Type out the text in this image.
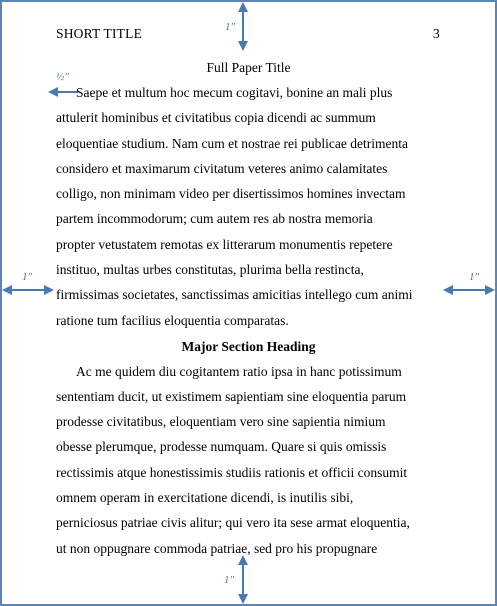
1″
1″
1″	1″
½″
SHORT TITLE	3
Full Paper Title
Saepe et multum hoc mecum cogitavi, bonine an mali plus
attulerit hominibus et civitatibus copia dicendi ac summum
eloquentiae studium. Nam cum et nostrae rei publicae detrimenta
considero et maximarum civitatum veteres animo calamitates
colligo, non minimam video per disertissimos homines invectam
partem incommodorum; cum autem res ab nostra memoria
propter vetustatem remotas ex litterarum monumentis repetere
instituo, multas urbes constitutas, plurima bella restincta,
firmissimas societates, sanctissimas amicitias intellego cum animi
ratione tum facilius eloquentia comparatas.
Major Section Heading
Ac me quidem diu cogitantem ratio ipsa in hanc potissimum
sententiam ducit, ut existimem sapientiam sine eloquentia parum
prodesse civitatibus, eloquentiam vero sine sapientia nimium
obesse plerumque, prodesse numquam. Quare si quis omissis
rectissimis atque honestissimis studiis rationis et officii consumit
omnem operam in exercitatione dicendi, is inutilis sibi,
perniciosus patriae civis alitur; qui vero ita sese armat eloquentia,
ut non oppugnare commoda patriae, sed pro his propugnare
